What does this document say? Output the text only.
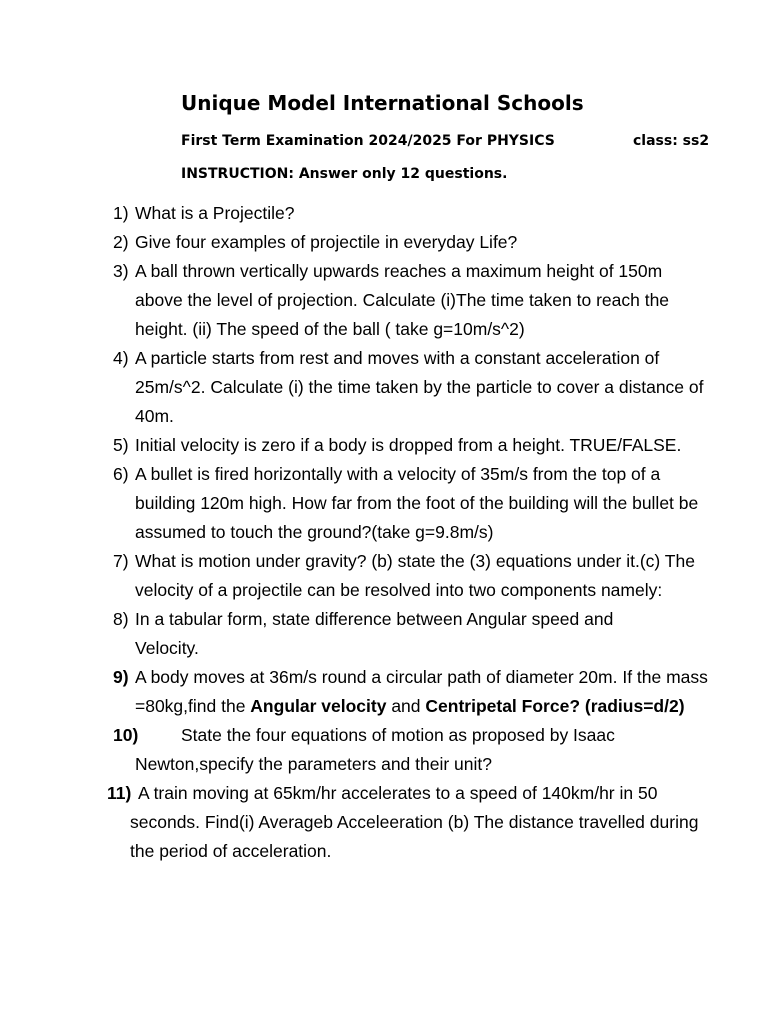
Unique Model International Schools
First Term Examination 2024/2025 For PHYSICS	class: ss2
INSTRUCTION: Answer only 12 questions.
1) What is a Projectile?
2) Give four examples of projectile in everyday Life?
3) A ball thrown vertically upwards reaches a maximum height of 150m above the level of projection. Calculate (i)The time taken to reach the height. (ii) The speed of the ball ( take g=10m/s^2)
4) A particle starts from rest and moves with a constant acceleration of 25m/s^2. Calculate (i) the time taken by the particle to cover a distance of 40m.
5) Initial velocity is zero if a body is dropped from a height. TRUE/FALSE.
6) A bullet is fired horizontally with a velocity of 35m/s from the top of a building 120m high. How far from the foot of the building will the bullet be assumed to touch the ground?(take g=9.8m/s)
7) What is motion under gravity? (b) state the (3) equations under it.(c) The velocity of a projectile can be resolved into two components namely:
8) In a tabular form, state difference between Angular speed and Velocity.
9) A body moves at 36m/s round a circular path of diameter 20m. If the mass =80kg,find the Angular velocity and Centripetal Force? (radius=d/2)
10)	State the four equations of motion as proposed by Isaac Newton,specify the parameters and their unit?
11) A train moving at 65km/hr accelerates to a speed of 140km/hr in 50 seconds. Find(i) Averageb Acceleeration (b) The distance travelled during the period of acceleration.
